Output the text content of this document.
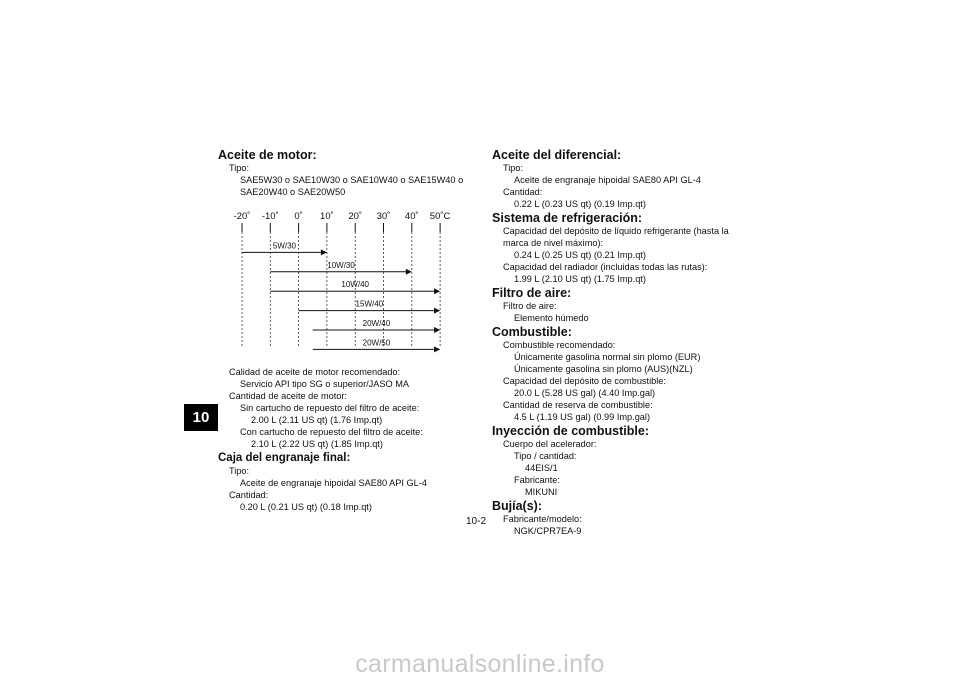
10
Aceite de motor:
Tipo:
SAE5W30 o SAE10W30 o SAE10W40 o SAE15W40 o
SAE20W40 o SAE20W50
-20˚ -10˚ 0˚ 10˚ 20˚ 30˚ 40˚ 50˚C
5W/30
10W/30
10W/40
15W/40
20W/40
20W/50
Calidad de aceite de motor recomendado:
Servicio API tipo SG o superior/JASO MA
Cantidad de aceite de motor:
Sin cartucho de repuesto del filtro de aceite:
2.00 L (2.11 US qt) (1.76 Imp.qt)
Con cartucho de repuesto del filtro de aceite:
2.10 L (2.22 US qt) (1.85 Imp.qt)
Caja del engranaje final:
Tipo:
Aceite de engranaje hipoidal SAE80 API GL-4
Cantidad:
0.20 L (0.21 US qt) (0.18 Imp.qt)
Aceite del diferencial:
Tipo:
Aceite de engranaje hipoidal SAE80 API GL-4
Cantidad:
0.22 L (0.23 US qt) (0.19 Imp.qt)
Sistema de refrigeración:
Capacidad del depósito de líquido refrigerante (hasta la
marca de nivel máximo):
0.24 L (0.25 US qt) (0.21 Imp.qt)
Capacidad del radiador (incluidas todas las rutas):
1.99 L (2.10 US qt) (1.75 Imp.qt)
Filtro de aire:
Filtro de aire:
Elemento húmedo
Combustible:
Combustible recomendado:
Únicamente gasolina normal sin plomo (EUR)
Únicamente gasolina sin plomo (AUS)(NZL)
Capacidad del depósito de combustible:
20.0 L (5.28 US gal) (4.40 Imp.gal)
Cantidad de reserva de combustible:
4.5 L (1.19 US gal) (0.99 Imp.gal)
Inyección de combustible:
Cuerpo del acelerador:
Tipo / cantidad:
44EIS/1
Fabricante:
MIKUNI
Bujía(s):
Fabricante/modelo:
NGK/CPR7EA-9
10-2
carmanualsonline.info
